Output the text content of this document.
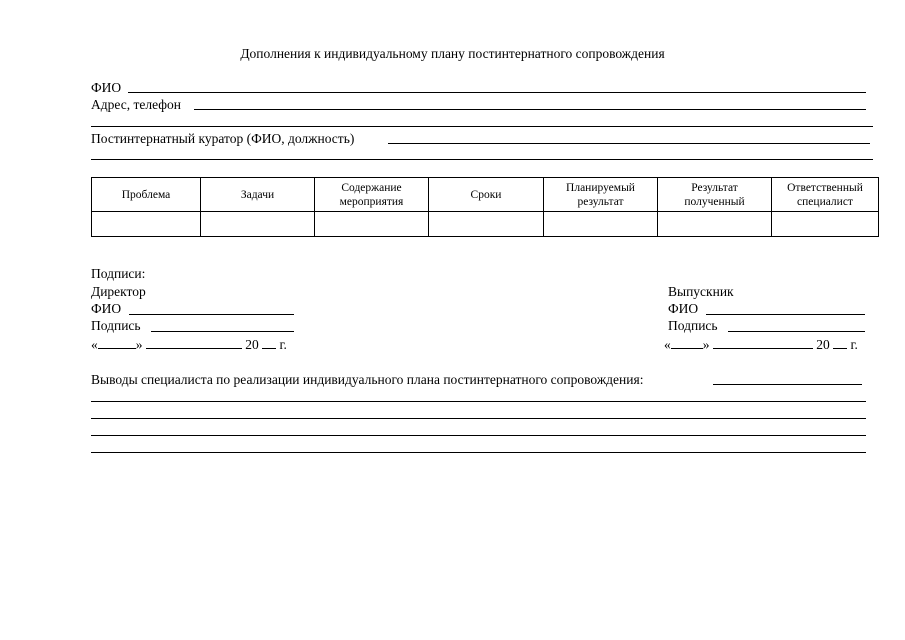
Дополнения к индивидуальному плану постинтернатного сопровождения
ФИО
Адрес, телефон
Постинтернатный куратор (ФИО, должность)
Проблема	Задачи	Содержание мероприятия	Сроки	Планируемый результат	Результат полученный	Ответственный специалист

Подписи:
Директор
ФИО
Подпись
«	»	20 г.
Выпускник
ФИО
Подпись
« »	20 г.
Выводы специалиста по реализации индивидуального плана постинтернатного сопровождения:
